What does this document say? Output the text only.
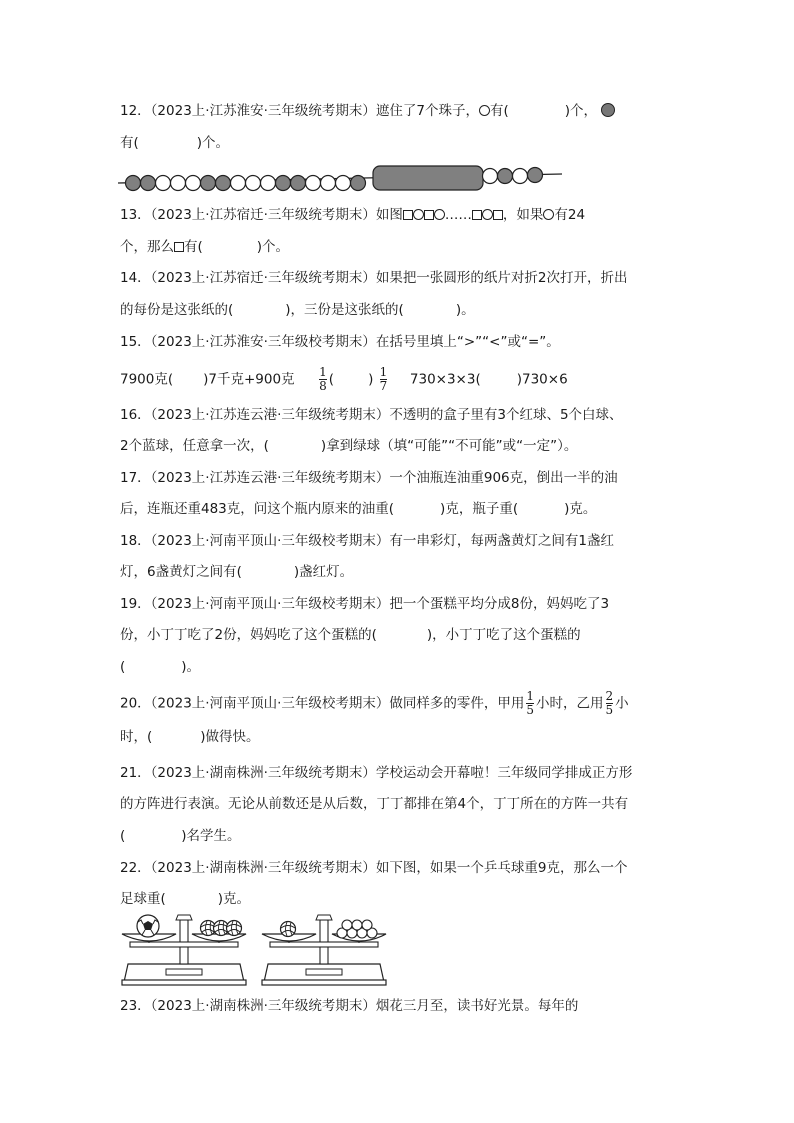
12．（2023上·江苏淮安·三年级统考期末）遮住了7个珠子， 有(	)个，
有(	)个。
13．（2023上·江苏宿迁·三年级统考期末）如图	…… ，如果 有24
个，那么 有(	)个。
14．（2023上·江苏宿迁·三年级统考期末）如果把一张圆形的纸片对折2次打开，折出
的每份是这张纸的(	)，三份是这张纸的(	)。
15．（2023上·江苏淮安·三年级校考期末）在括号里填上“>”“<”或“=”。
7900克( )7千克+900克 $\frac{1}{8}$ (	) $\frac{1}{7} 730\times 3\times 3$(	)730×6
16．（2023上·江苏连云港·三年级统考期末）不透明的盒子里有3个红球、5个白球、
2个蓝球，任意拿一次，(	)拿到绿球（填“可能”“不可能”或“一定”）。
17．（2023上·江苏连云港·三年级统考期末）一个油瓶连油重906克，倒出一半的油
后，连瓶还重483克，问这个瓶内原来的油重(	)克，瓶子重(	)克。
18．（2023上·河南平顶山·三年级校考期末）有一串彩灯，每两盏黄灯之间有1盏红
灯，6盏黄灯之间有(	)盏红灯。
19．（2023上·河南平顶山·三年级校考期末）把一个蛋糕平均分成8份，妈妈吃了3
份，小丁丁吃了2份，妈妈吃了这个蛋糕的(	)，小丁丁吃了这个蛋糕的
(	)。
20．（2023上·河南平顶山·三年级校考期末）做同样多的零件，甲用 $\frac{1}{5}$ 小时，乙用 $\frac{2}{5}$ 小
时，(	)做得快。
21．（2023上·湖南株洲·三年级统考期末）学校运动会开幕啦！三年级同学排成正方形
的方阵进行表演。无论从前数还是从后数，丁丁都排在第4个，丁丁所在的方阵一共有
(	)名学生。
22．（2023上·湖南株洲·三年级统考期末）如下图，如果一个乒乓球重9克，那么一个
足球重(	)克。
23．（2023上·湖南株洲·三年级统考期末）烟花三月至，读书好光景。每年的
